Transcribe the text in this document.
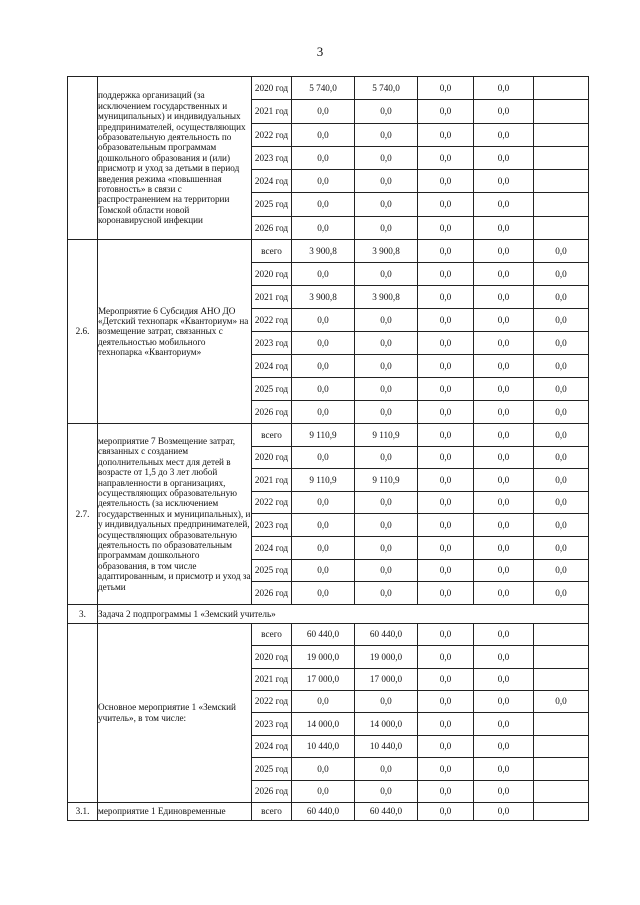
3
	поддержка организаций (за исключением государственных и муниципальных) и индивидуальных предпринимателей, осуществляющих образовательную деятельность по образовательным программам дошкольного образования и (или) присмотр и уход за детьми в период введения режима «повышенная готовность» в связи с распространением на территории Томской области новой коронавирусной инфекции	2020 год	5 740,0	5 740,0	0,0	0,0	
		2021 год	0,0	0,0	0,0	0,0	
		2022 год	0,0	0,0	0,0	0,0	
		2023 год	0,0	0,0	0,0	0,0	
		2024 год	0,0	0,0	0,0	0,0	
		2025 год	0,0	0,0	0,0	0,0	
		2026 год	0,0	0,0	0,0	0,0	
2.6.	Мероприятие 6 Субсидия АНО ДО «Детский технопарк «Кванториум» на возмещение затрат, связанных с деятельностью мобильного технопарка «Кванториум»	всего	3 900,8	3 900,8	0,0	0,0	0,0
		2020 год	0,0	0,0	0,0	0,0	0,0
		2021 год	3 900,8	3 900,8	0,0	0,0	0,0
		2022 год	0,0	0,0	0,0	0,0	0,0
		2023 год	0,0	0,0	0,0	0,0	0,0
		2024 год	0,0	0,0	0,0	0,0	0,0
		2025 год	0,0	0,0	0,0	0,0	0,0
		2026 год	0,0	0,0	0,0	0,0	0,0
2.7.	мероприятие 7 Возмещение затрат, связанных с созданием дополнительных мест для детей в возрасте от 1,5 до 3 лет любой направленности в организациях, осуществляющих образовательную деятельность (за исключением государственных и муниципальных), и у индивидуальных предпринимателей, осуществляющих образовательную деятельность по образовательным программам дошкольного образования, в том числе адаптированным, и присмотр и уход за детьми	всего	9 110,9	9 110,9	0,0	0,0	0,0
		2020 год	0,0	0,0	0,0	0,0	0,0
		2021 год	9 110,9	9 110,9	0,0	0,0	0,0
		2022 год	0,0	0,0	0,0	0,0	0,0
		2023 год	0,0	0,0	0,0	0,0	0,0
		2024 год	0,0	0,0	0,0	0,0	0,0
		2025 год	0,0	0,0	0,0	0,0	0,0
		2026 год	0,0	0,0	0,0	0,0	0,0
3.	Задача 2 подпрограммы 1 «Земский учитель»						
	Основное мероприятие 1 «Земский учитель», в том числе:	всего	60 440,0	60 440,0	0,0	0,0	
		2020 год	19 000,0	19 000,0	0,0	0,0	
		2021 год	17 000,0	17 000,0	0,0	0,0	
		2022 год	0,0	0,0	0,0	0,0	0,0
		2023 год	14 000,0	14 000,0	0,0	0,0	
		2024 год	10 440,0	10 440,0	0,0	0,0	
		2025 год	0,0	0,0	0,0	0,0	
		2026 год	0,0	0,0	0,0	0,0	
3.1.	мероприятие 1 Единовременные	всего	60 440,0	60 440,0	0,0	0,0	
